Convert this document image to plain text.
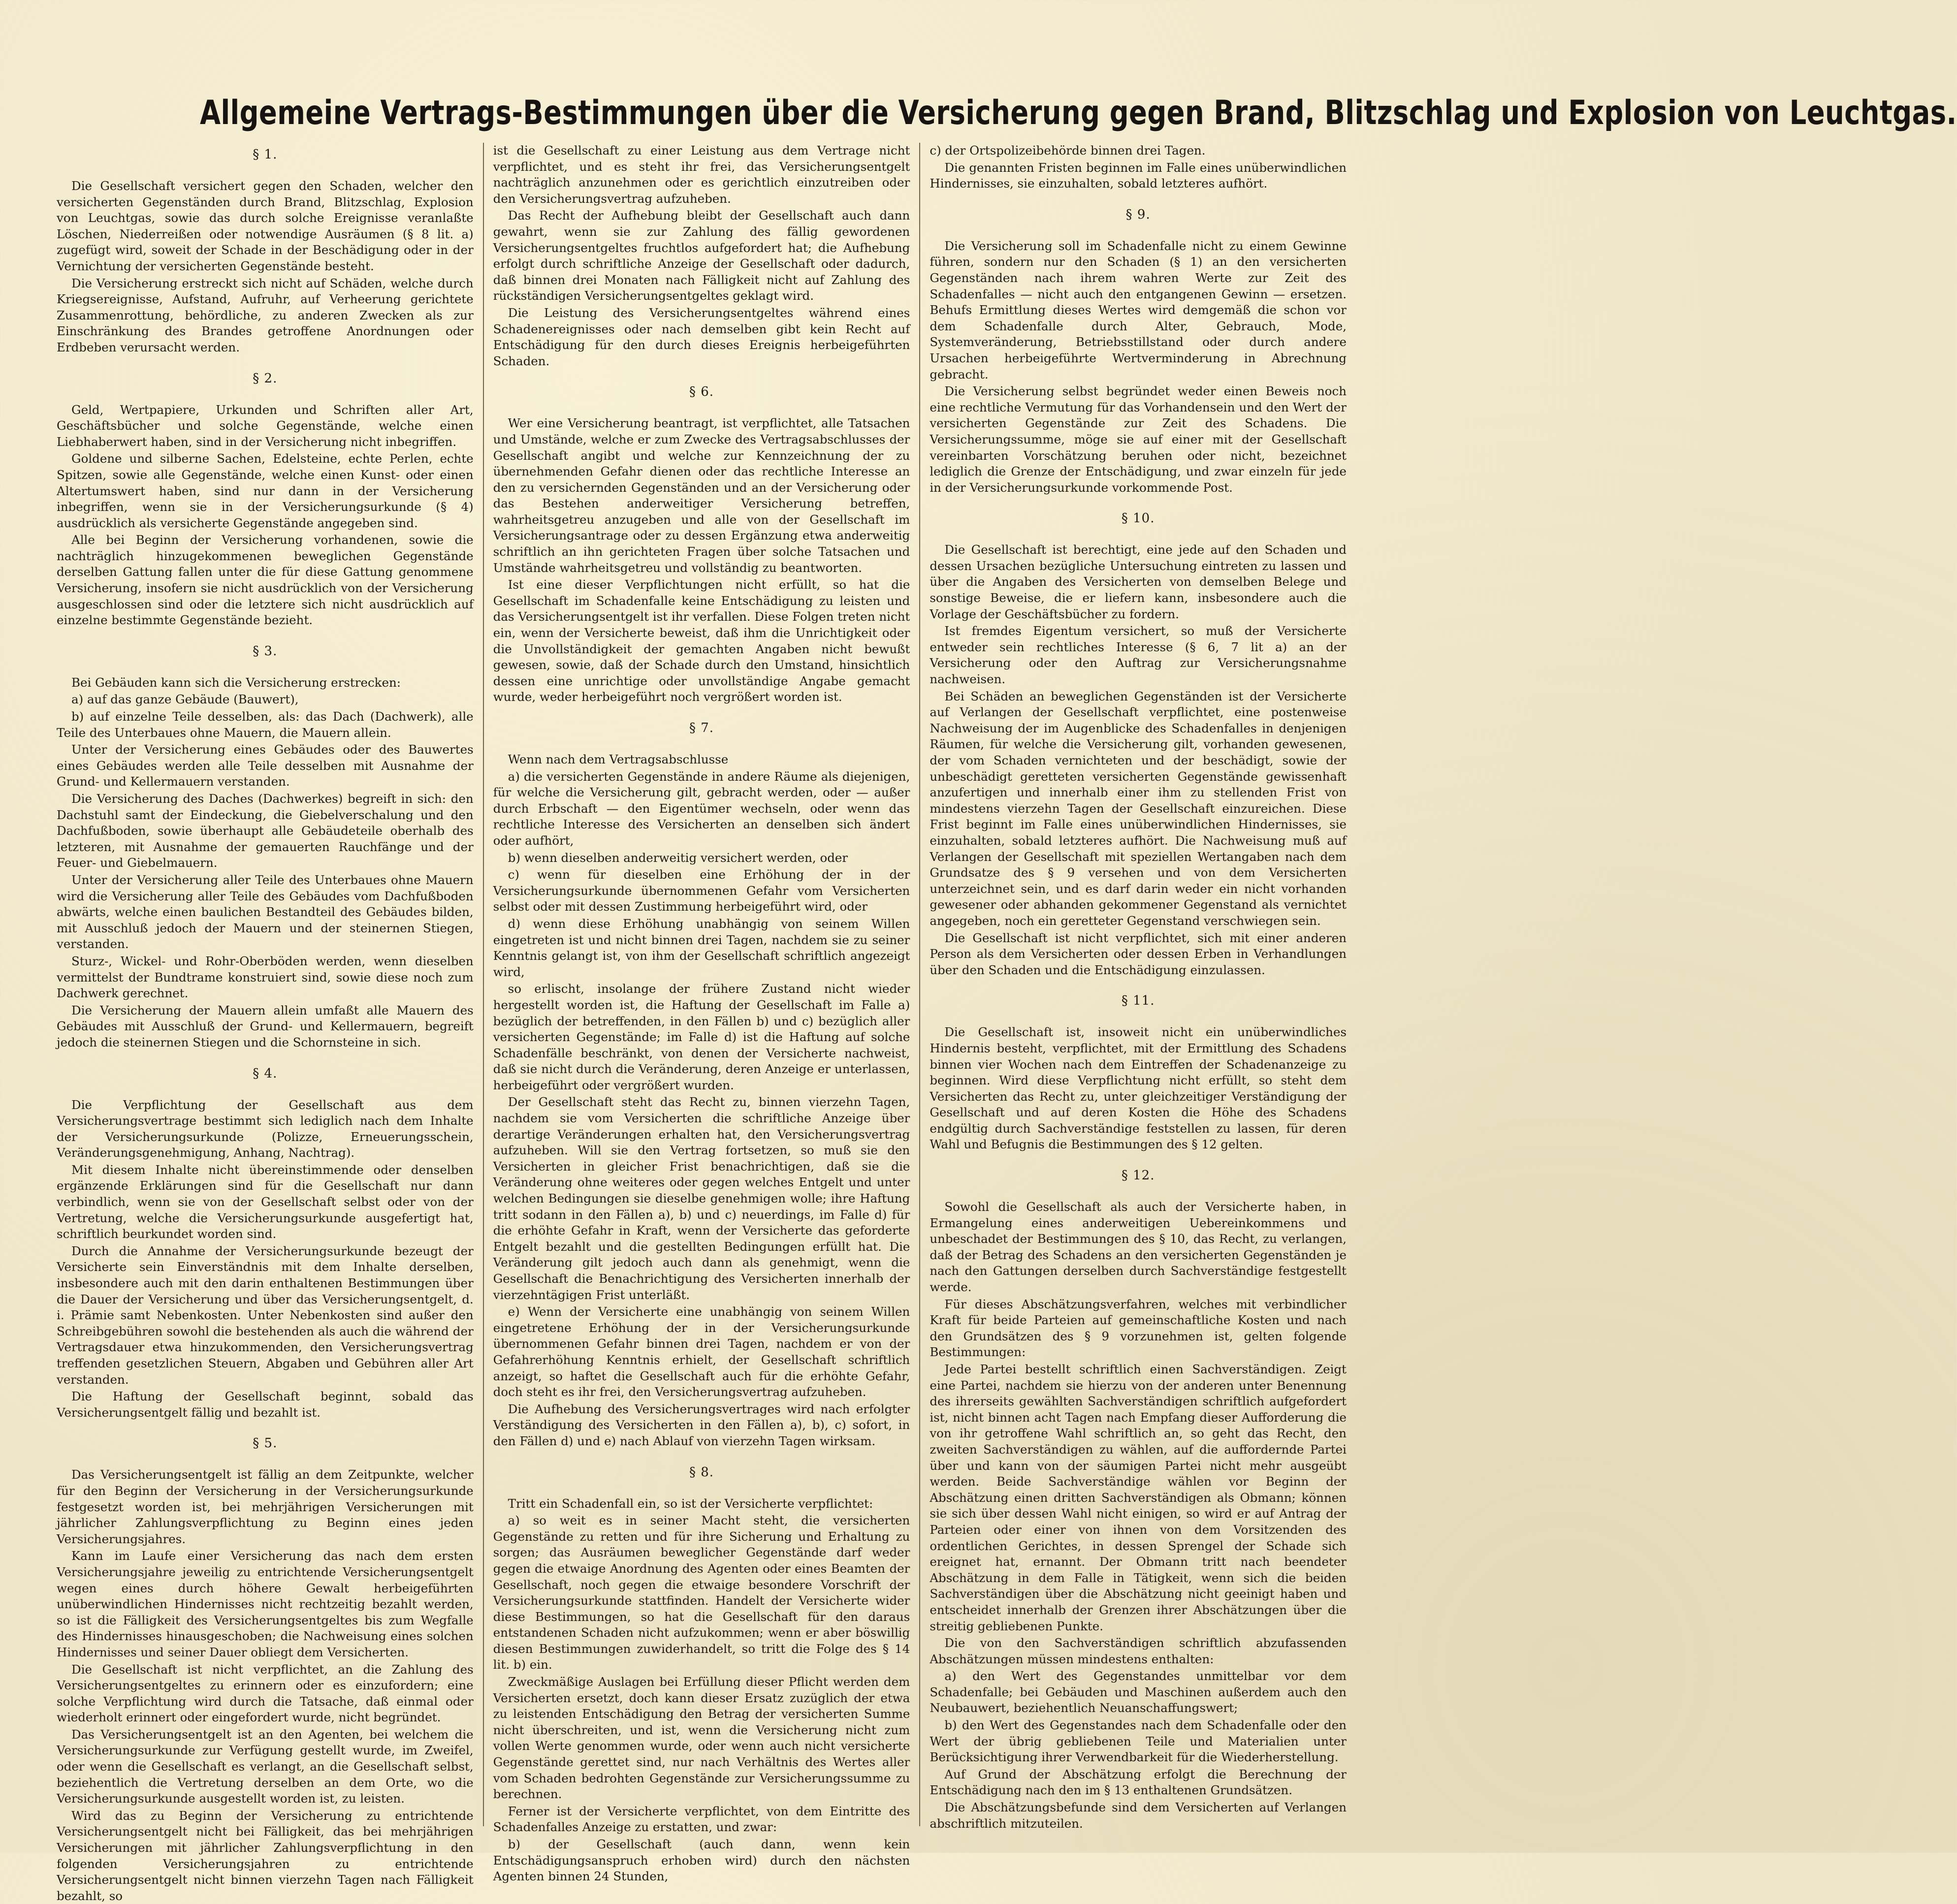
Allgemeine Vertrags-Bestimmungen über die Versicherung gegen Brand, Blitzschlag und Explosion von Leuchtgas.
§ 1.

Die Gesellschaft versichert gegen den Schaden, welcher den versicherten Gegenständen durch Brand, Blitzschlag, Explosion von Leuchtgas, sowie das durch solche Ereignisse veranlaßte Löschen, Niederreißen oder notwendige Ausräumen (§ 8 lit. a) zugefügt wird, soweit der Schade in der Beschädigung oder in der Vernichtung der versicherten Gegenstände besteht.

Die Versicherung erstreckt sich nicht auf Schäden, welche durch Kriegsereignisse, Aufstand, Aufruhr, auf Verheerung gerichtete Zusammenrottung, behördliche, zu anderen Zwecken als zur Einschränkung des Brandes getroffene Anordnungen oder Erdbeben verursacht werden.

§ 2.

Geld, Wertpapiere, Urkunden und Schriften aller Art, Geschäftsbücher und solche Gegenstände, welche einen Liebhaberwert haben, sind in der Versicherung nicht inbegriffen.

Goldene und silberne Sachen, Edelsteine, echte Perlen, echte Spitzen, sowie alle Gegenstände, welche einen Kunst- oder einen Altertumswert haben, sind nur dann in der Versicherung inbegriffen, wenn sie in der Versicherungsurkunde (§ 4) ausdrücklich als versicherte Gegenstände angegeben sind.

Alle bei Beginn der Versicherung vorhandenen, sowie die nachträglich hinzugekommenen beweglichen Gegenstände derselben Gattung fallen unter die für diese Gattung genommene Versicherung, insofern sie nicht ausdrücklich von der Versicherung ausgeschlossen sind oder die letztere sich nicht ausdrücklich auf einzelne bestimmte Gegenstände bezieht.

§ 3.

Bei Gebäuden kann sich die Versicherung erstrecken:

a) auf das ganze Gebäude (Bauwert),

b) auf einzelne Teile desselben, als: das Dach (Dachwerk), alle Teile des Unterbaues ohne Mauern, die Mauern allein.

Unter der Versicherung eines Gebäudes oder des Bauwertes eines Gebäudes werden alle Teile desselben mit Ausnahme der Grund- und Kellermauern verstanden.

Die Versicherung des Daches (Dachwerkes) begreift in sich: den Dachstuhl samt der Eindeckung, die Giebelverschalung und den Dachfußboden, sowie überhaupt alle Gebäudeteile oberhalb des letzteren, mit Ausnahme der gemauerten Rauchfänge und der Feuer- und Giebelmauern.

Unter der Versicherung aller Teile des Unterbaues ohne Mauern wird die Versicherung aller Teile des Gebäudes vom Dachfußboden abwärts, welche einen baulichen Bestandteil des Gebäudes bilden, mit Ausschluß jedoch der Mauern und der steinernen Stiegen, verstanden.

Sturz-, Wickel- und Rohr-Oberböden werden, wenn dieselben vermittelst der Bundtrame konstruiert sind, sowie diese noch zum Dachwerk gerechnet.

Die Versicherung der Mauern allein umfaßt alle Mauern des Gebäudes mit Ausschluß der Grund- und Kellermauern, begreift jedoch die steinernen Stiegen und die Schornsteine in sich.

§ 4.

Die Verpflichtung der Gesellschaft aus dem Versicherungsvertrage bestimmt sich lediglich nach dem Inhalte der Versicherungsurkunde (Polizze, Erneuerungsschein, Veränderungsgenehmigung, Anhang, Nachtrag).

Mit diesem Inhalte nicht übereinstimmende oder denselben ergänzende Erklärungen sind für die Gesellschaft nur dann verbindlich, wenn sie von der Gesellschaft selbst oder von der Vertretung, welche die Versicherungsurkunde ausgefertigt hat, schriftlich beurkundet worden sind.

Durch die Annahme der Versicherungsurkunde bezeugt der Versicherte sein Einverständnis mit dem Inhalte derselben, insbesondere auch mit den darin enthaltenen Bestimmungen über die Dauer der Versicherung und über das Versicherungsentgelt, d. i. Prämie samt Nebenkosten. Unter Nebenkosten sind außer den Schreibgebühren sowohl die bestehenden als auch die während der Vertragsdauer etwa hinzukommenden, den Versicherungsvertrag treffenden gesetzlichen Steuern, Abgaben und Gebühren aller Art verstanden.

Die Haftung der Gesellschaft beginnt, sobald das Versicherungsentgelt fällig und bezahlt ist.

§ 5.

Das Versicherungsentgelt ist fällig an dem Zeitpunkte, welcher für den Beginn der Versicherung in der Versicherungsurkunde festgesetzt worden ist, bei mehrjährigen Versicherungen mit jährlicher Zahlungsverpflichtung zu Beginn eines jeden Versicherungsjahres.

Kann im Laufe einer Versicherung das nach dem ersten Versicherungsjahre jeweilig zu entrichtende Versicherungsentgelt wegen eines durch höhere Gewalt herbeigeführten unüberwindlichen Hindernisses nicht rechtzeitig bezahlt werden, so ist die Fälligkeit des Versicherungsentgeltes bis zum Wegfalle des Hindernisses hinausgeschoben; die Nachweisung eines solchen Hindernisses und seiner Dauer obliegt dem Versicherten.

Die Gesellschaft ist nicht verpflichtet, an die Zahlung des Versicherungsentgeltes zu erinnern oder es einzufordern; eine solche Verpflichtung wird durch die Tatsache, daß einmal oder wiederholt erinnert oder eingefordert wurde, nicht begründet.

Das Versicherungsentgelt ist an den Agenten, bei welchem die Versicherungsurkunde zur Verfügung gestellt wurde, im Zweifel, oder wenn die Gesellschaft es verlangt, an die Gesellschaft selbst, beziehentlich die Vertretung derselben an dem Orte, wo die Versicherungsurkunde ausgestellt worden ist, zu leisten.

Wird das zu Beginn der Versicherung zu entrichtende Versicherungsentgelt nicht bei Fälligkeit, das bei mehrjährigen Versicherungen mit jährlicher Zahlungsverpflichtung in den folgenden Versicherungsjahren zu entrichtende Versicherungsentgelt nicht binnen vierzehn Tagen nach Fälligkeit bezahlt, so

ist die Gesellschaft zu einer Leistung aus dem Vertrage nicht verpflichtet, und es steht ihr frei, das Versicherungsentgelt nachträglich anzunehmen oder es gerichtlich einzutreiben oder den Versicherungsvertrag aufzuheben.

Das Recht der Aufhebung bleibt der Gesellschaft auch dann gewahrt, wenn sie zur Zahlung des fällig gewordenen Versicherungsentgeltes fruchtlos aufgefordert hat; die Aufhebung erfolgt durch schriftliche Anzeige der Gesellschaft oder dadurch, daß binnen drei Monaten nach Fälligkeit nicht auf Zahlung des rückständigen Versicherungsentgeltes geklagt wird.

Die Leistung des Versicherungsentgeltes während eines Schadenereignisses oder nach demselben gibt kein Recht auf Entschädigung für den durch dieses Ereignis herbeigeführten Schaden.

§ 6.

Wer eine Versicherung beantragt, ist verpflichtet, alle Tatsachen und Umstände, welche er zum Zwecke des Vertragsabschlusses der Gesellschaft angibt und welche zur Kennzeichnung der zu übernehmenden Gefahr dienen oder das rechtliche Interesse an den zu versichernden Gegenständen und an der Versicherung oder das Bestehen anderweitiger Versicherung betreffen, wahrheitsgetreu anzugeben und alle von der Gesellschaft im Versicherungsantrage oder zu dessen Ergänzung etwa anderweitig schriftlich an ihn gerichteten Fragen über solche Tatsachen und Umstände wahrheitsgetreu und vollständig zu beantworten.

Ist eine dieser Verpflichtungen nicht erfüllt, so hat die Gesellschaft im Schadenfalle keine Entschädigung zu leisten und das Versicherungsentgelt ist ihr verfallen. Diese Folgen treten nicht ein, wenn der Versicherte beweist, daß ihm die Unrichtigkeit oder die Unvollständigkeit der gemachten Angaben nicht bewußt gewesen, sowie, daß der Schade durch den Umstand, hinsichtlich dessen eine unrichtige oder unvollständige Angabe gemacht wurde, weder herbeigeführt noch vergrößert worden ist.

§ 7.

Wenn nach dem Vertragsabschlusse

a) die versicherten Gegenstände in andere Räume als diejenigen, für welche die Versicherung gilt, gebracht werden, oder — außer durch Erbschaft — den Eigentümer wechseln, oder wenn das rechtliche Interesse des Versicherten an denselben sich ändert oder aufhört,

b) wenn dieselben anderweitig versichert werden, oder

c) wenn für dieselben eine Erhöhung der in der Versicherungsurkunde übernommenen Gefahr vom Versicherten selbst oder mit dessen Zustimmung herbeigeführt wird, oder

d) wenn diese Erhöhung unabhängig von seinem Willen eingetreten ist und nicht binnen drei Tagen, nachdem sie zu seiner Kenntnis gelangt ist, von ihm der Gesellschaft schriftlich angezeigt wird,

so erlischt, insolange der frühere Zustand nicht wieder hergestellt worden ist, die Haftung der Gesellschaft im Falle a) bezüglich der betreffenden, in den Fällen b) und c) bezüglich aller versicherten Gegenstände; im Falle d) ist die Haftung auf solche Schadenfälle beschränkt, von denen der Versicherte nachweist, daß sie nicht durch die Veränderung, deren Anzeige er unterlassen, herbeigeführt oder vergrößert wurden.

Der Gesellschaft steht das Recht zu, binnen vierzehn Tagen, nachdem sie vom Versicherten die schriftliche Anzeige über derartige Veränderungen erhalten hat, den Versicherungsvertrag aufzuheben. Will sie den Vertrag fortsetzen, so muß sie den Versicherten in gleicher Frist benachrichtigen, daß sie die Veränderung ohne weiteres oder gegen welches Entgelt und unter welchen Bedingungen sie dieselbe genehmigen wolle; ihre Haftung tritt sodann in den Fällen a), b) und c) neuerdings, im Falle d) für die erhöhte Gefahr in Kraft, wenn der Versicherte das geforderte Entgelt bezahlt und die gestellten Bedingungen erfüllt hat. Die Veränderung gilt jedoch auch dann als genehmigt, wenn die Gesellschaft die Benachrichtigung des Versicherten innerhalb der vierzehntägigen Frist unterläßt.

e) Wenn der Versicherte eine unabhängig von seinem Willen eingetretene Erhöhung der in der Versicherungsurkunde übernommenen Gefahr binnen drei Tagen, nachdem er von der Gefahrerhöhung Kenntnis erhielt, der Gesellschaft schriftlich anzeigt, so haftet die Gesellschaft auch für die erhöhte Gefahr, doch steht es ihr frei, den Versicherungsvertrag aufzuheben.

Die Aufhebung des Versicherungsvertrages wird nach erfolgter Verständigung des Versicherten in den Fällen a), b), c) sofort, in den Fällen d) und e) nach Ablauf von vierzehn Tagen wirksam.

§ 8.

Tritt ein Schadenfall ein, so ist der Versicherte verpflichtet:

a) so weit es in seiner Macht steht, die versicherten Gegenstände zu retten und für ihre Sicherung und Erhaltung zu sorgen; das Ausräumen beweglicher Gegenstände darf weder gegen die etwaige Anordnung des Agenten oder eines Beamten der Gesellschaft, noch gegen die etwaige besondere Vorschrift der Versicherungsurkunde stattfinden. Handelt der Versicherte wider diese Bestimmungen, so hat die Gesellschaft für den daraus entstandenen Schaden nicht aufzukommen; wenn er aber böswillig diesen Bestimmungen zuwiderhandelt, so tritt die Folge des § 14 lit. b) ein.

Zweckmäßige Auslagen bei Erfüllung dieser Pflicht werden dem Versicherten ersetzt, doch kann dieser Ersatz zuzüglich der etwa zu leistenden Entschädigung den Betrag der versicherten Summe nicht überschreiten, und ist, wenn die Versicherung nicht zum vollen Werte genommen wurde, oder wenn auch nicht versicherte Gegenstände gerettet sind, nur nach Verhältnis des Wertes aller vom Schaden bedrohten Gegenstände zur Versicherungssumme zu berechnen.

Ferner ist der Versicherte verpflichtet, von dem Eintritte des Schadenfalles Anzeige zu erstatten, und zwar:

b) der Gesellschaft (auch dann, wenn kein Entschädigungsanspruch erhoben wird) durch den nächsten Agenten binnen 24 Stunden,

c) der Ortspolizeibehörde binnen drei Tagen.

Die genannten Fristen beginnen im Falle eines unüberwindlichen Hindernisses, sie einzuhalten, sobald letzteres aufhört.

§ 9.

Die Versicherung soll im Schadenfalle nicht zu einem Gewinne führen, sondern nur den Schaden (§ 1) an den versicherten Gegenständen nach ihrem wahren Werte zur Zeit des Schadenfalles — nicht auch den entgangenen Gewinn — ersetzen. Behufs Ermittlung dieses Wertes wird demgemäß die schon vor dem Schadenfalle durch Alter, Gebrauch, Mode, Systemveränderung, Betriebsstillstand oder durch andere Ursachen herbeigeführte Wertverminderung in Abrechnung gebracht.

Die Versicherung selbst begründet weder einen Beweis noch eine rechtliche Vermutung für das Vorhandensein und den Wert der versicherten Gegenstände zur Zeit des Schadens. Die Versicherungssumme, möge sie auf einer mit der Gesellschaft vereinbarten Vorschätzung beruhen oder nicht, bezeichnet lediglich die Grenze der Entschädigung, und zwar einzeln für jede in der Versicherungsurkunde vorkommende Post.

§ 10.

Die Gesellschaft ist berechtigt, eine jede auf den Schaden und dessen Ursachen bezügliche Untersuchung eintreten zu lassen und über die Angaben des Versicherten von demselben Belege und sonstige Beweise, die er liefern kann, insbesondere auch die Vorlage der Geschäftsbücher zu fordern.

Ist fremdes Eigentum versichert, so muß der Versicherte entweder sein rechtliches Interesse (§ 6, 7 lit a) an der Versicherung oder den Auftrag zur Versicherungsnahme nachweisen.

Bei Schäden an beweglichen Gegenständen ist der Versicherte auf Verlangen der Gesellschaft verpflichtet, eine postenweise Nachweisung der im Augenblicke des Schadenfalles in denjenigen Räumen, für welche die Versicherung gilt, vorhanden gewesenen, der vom Schaden vernichteten und der beschädigt, sowie der unbeschädigt geretteten versicherten Gegenstände gewissenhaft anzufertigen und innerhalb einer ihm zu stellenden Frist von mindestens vierzehn Tagen der Gesellschaft einzureichen. Diese Frist beginnt im Falle eines unüberwindlichen Hindernisses, sie einzuhalten, sobald letzteres aufhört. Die Nachweisung muß auf Verlangen der Gesellschaft mit speziellen Wertangaben nach dem Grundsatze des § 9 versehen und von dem Versicherten unterzeichnet sein, und es darf darin weder ein nicht vorhanden gewesener oder abhanden gekommener Gegenstand als vernichtet angegeben, noch ein geretteter Gegenstand verschwiegen sein.

Die Gesellschaft ist nicht verpflichtet, sich mit einer anderen Person als dem Versicherten oder dessen Erben in Verhandlungen über den Schaden und die Entschädigung einzulassen.

§ 11.

Die Gesellschaft ist, insoweit nicht ein unüberwindliches Hindernis besteht, verpflichtet, mit der Ermittlung des Schadens binnen vier Wochen nach dem Eintreffen der Schadenanzeige zu beginnen. Wird diese Verpflichtung nicht erfüllt, so steht dem Versicherten das Recht zu, unter gleichzeitiger Verständigung der Gesellschaft und auf deren Kosten die Höhe des Schadens endgültig durch Sachverständige feststellen zu lassen, für deren Wahl und Befugnis die Bestimmungen des § 12 gelten.

§ 12.

Sowohl die Gesellschaft als auch der Versicherte haben, in Ermangelung eines anderweitigen Uebereinkommens und unbeschadet der Bestimmungen des § 10, das Recht, zu verlangen, daß der Betrag des Schadens an den versicherten Gegenständen je nach den Gattungen derselben durch Sachverständige festgestellt werde.

Für dieses Abschätzungsverfahren, welches mit verbindlicher Kraft für beide Parteien auf gemeinschaftliche Kosten und nach den Grundsätzen des § 9 vorzunehmen ist, gelten folgende Bestimmungen:

Jede Partei bestellt schriftlich einen Sachverständigen. Zeigt eine Partei, nachdem sie hierzu von der anderen unter Benennung des ihrerseits gewählten Sachverständigen schriftlich aufgefordert ist, nicht binnen acht Tagen nach Empfang dieser Aufforderung die von ihr getroffene Wahl schriftlich an, so geht das Recht, den zweiten Sachverständigen zu wählen, auf die auffordernde Partei über und kann von der säumigen Partei nicht mehr ausgeübt werden. Beide Sachverständige wählen vor Beginn der Abschätzung einen dritten Sachverständigen als Obmann; können sie sich über dessen Wahl nicht einigen, so wird er auf Antrag der Parteien oder einer von ihnen von dem Vorsitzenden des ordentlichen Gerichtes, in dessen Sprengel der Schade sich ereignet hat, ernannt. Der Obmann tritt nach beendeter Abschätzung in dem Falle in Tätigkeit, wenn sich die beiden Sachverständigen über die Abschätzung nicht geeinigt haben und entscheidet innerhalb der Grenzen ihrer Abschätzungen über die streitig gebliebenen Punkte.

Die von den Sachverständigen schriftlich abzufassenden Abschätzungen müssen mindestens enthalten:

a) den Wert des Gegenstandes unmittelbar vor dem Schadenfalle; bei Gebäuden und Maschinen außerdem auch den Neubauwert, beziehentlich Neuanschaffungswert;

b) den Wert des Gegenstandes nach dem Schadenfalle oder den Wert der übrig gebliebenen Teile und Materialien unter Berücksichtigung ihrer Verwendbarkeit für die Wiederherstellung.

Auf Grund der Abschätzung erfolgt die Berechnung der Entschädigung nach den im § 13 enthaltenen Grundsätzen.

Die Abschätzungsbefunde sind dem Versicherten auf Verlangen abschriftlich mitzuteilen.
